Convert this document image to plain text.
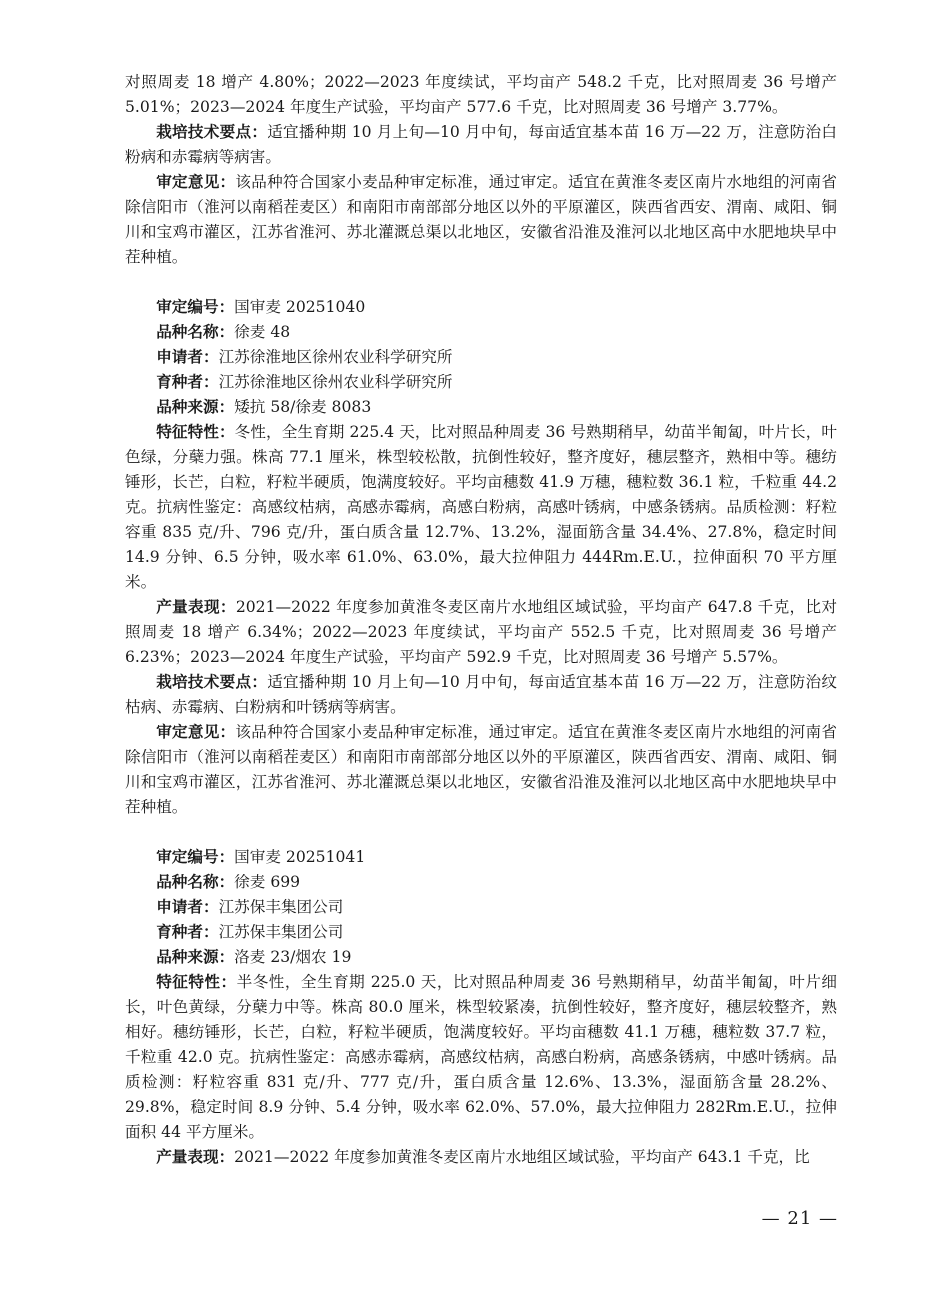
对照周麦 18 增产 4.80%；2022—2023 年度续试，平均亩产 548.2 千克，比对照周麦 36 号增产 5.01%；2023—2024 年度生产试验，平均亩产 577.6 千克，比对照周麦 36 号增产 3.77%。

栽培技术要点：适宜播种期 10 月上旬—10 月中旬，每亩适宜基本苗 16 万—22 万，注意防治白粉病和赤霉病等病害。

审定意见：该品种符合国家小麦品种审定标准，通过审定。适宜在黄淮冬麦区南片水地组的河南省除信阳市（淮河以南稻茬麦区）和南阳市南部部分地区以外的平原灌区，陕西省西安、渭南、咸阳、铜川和宝鸡市灌区，江苏省淮河、苏北灌溉总渠以北地区，安徽省沿淮及淮河以北地区高中水肥地块早中茬种植。

审定编号：国审麦 20251040

品种名称：徐麦 48

申请者：江苏徐淮地区徐州农业科学研究所

育种者：江苏徐淮地区徐州农业科学研究所

品种来源：矮抗 58/徐麦 8083

特征特性：冬性，全生育期 225.4 天，比对照品种周麦 36 号熟期稍早，幼苗半匍匐，叶片长，叶色绿，分蘖力强。株高 77.1 厘米，株型较松散，抗倒性较好，整齐度好，穗层整齐，熟相中等。穗纺锤形，长芒，白粒，籽粒半硬质，饱满度较好。平均亩穗数 41.9 万穗，穗粒数 36.1 粒，千粒重 44.2 克。抗病性鉴定：高感纹枯病，高感赤霉病，高感白粉病，高感叶锈病，中感条锈病。品质检测：籽粒容重 835 克/升、796 克/升，蛋白质含量 12.7%、13.2%，湿面筋含量 34.4%、27.8%，稳定时间 14.9 分钟、6.5 分钟，吸水率 61.0%、63.0%，最大拉伸阻力 444Rm.E.U.，拉伸面积 70 平方厘米。

产量表现：2021—2022 年度参加黄淮冬麦区南片水地组区域试验，平均亩产 647.8 千克，比对照周麦 18 增产 6.34%；2022—2023 年度续试，平均亩产 552.5 千克，比对照周麦 36 号增产 6.23%；2023—2024 年度生产试验，平均亩产 592.9 千克，比对照周麦 36 号增产 5.57%。

栽培技术要点：适宜播种期 10 月上旬—10 月中旬，每亩适宜基本苗 16 万—22 万，注意防治纹枯病、赤霉病、白粉病和叶锈病等病害。

审定意见：该品种符合国家小麦品种审定标准，通过审定。适宜在黄淮冬麦区南片水地组的河南省除信阳市（淮河以南稻茬麦区）和南阳市南部部分地区以外的平原灌区，陕西省西安、渭南、咸阳、铜川和宝鸡市灌区，江苏省淮河、苏北灌溉总渠以北地区，安徽省沿淮及淮河以北地区高中水肥地块早中茬种植。

审定编号：国审麦 20251041

品种名称：徐麦 699

申请者：江苏保丰集团公司

育种者：江苏保丰集团公司

品种来源：洛麦 23/烟农 19

特征特性：半冬性，全生育期 225.0 天，比对照品种周麦 36 号熟期稍早，幼苗半匍匐，叶片细长，叶色黄绿，分蘖力中等。株高 80.0 厘米，株型较紧凑，抗倒性较好，整齐度好，穗层较整齐，熟相好。穗纺锤形，长芒，白粒，籽粒半硬质，饱满度较好。平均亩穗数 41.1 万穗，穗粒数 37.7 粒，千粒重 42.0 克。抗病性鉴定：高感赤霉病，高感纹枯病，高感白粉病，高感条锈病，中感叶锈病。品质检测：籽粒容重 831 克/升、777 克/升，蛋白质含量 12.6%、13.3%，湿面筋含量 28.2%、29.8%，稳定时间 8.9 分钟、5.4 分钟，吸水率 62.0%、57.0%，最大拉伸阻力 282Rm.E.U.，拉伸面积 44 平方厘米。

产量表现：2021—2022 年度参加黄淮冬麦区南片水地组区域试验，平均亩产 643.1 千克，比

— 21 —
